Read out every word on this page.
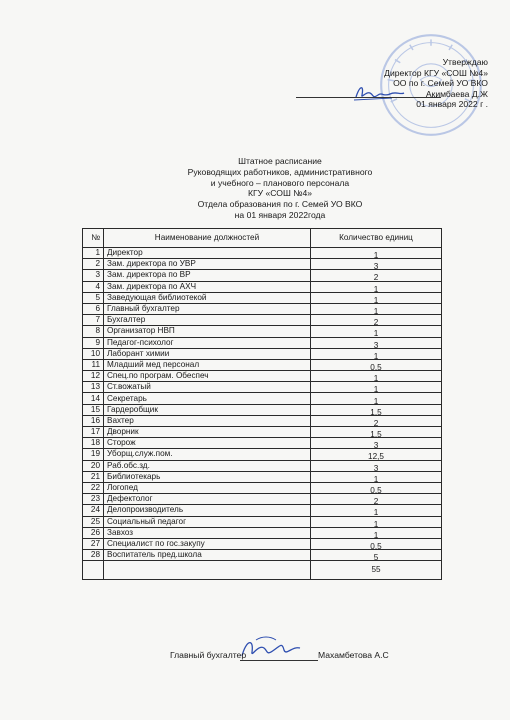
Утверждаю
Директор КГУ «СОШ №4»
ОО по г. Семей УО ВКО
Акимбаева Д.Ж
01 января 2022 г .
Штатное расписание
Руководящих работников, административного
и учебного – планового персонала
КГУ «СОШ №4»
Отдела образования по г. Семей УО ВКО
на 01 января 2022года
№	Наименование должностей	Количество единиц
1	Директор	1
2	Зам. директора по УВР	3
3	Зам. директора по ВР	2
4	Зам. директора по АХЧ	1
5	Заведующая библиотекой	1
6	Главный бухгалтер	1
7	Бухгалтер	2
8	Организатор НВП	1
9	Педагог-психолог	3
10	Лаборант химии	1
11	Младший мед персонал	0,5
12	Спец.по програм. Обеспеч	1
13	Ст.вожатый	1
14	Секретарь	1
15	Гардеробщик	1,5
16	Вахтер	2
17	Дворник	1,5
18	Сторож	3
19	Уборщ.служ.пом.	12,5
20	Раб.обс.зд.	3
21	Библиотекарь	1
22	Логопед	0,5
23	Дефектолог	2
24	Делопроизводитель	1
25	Социальный педагог	1
26	Завхоз	1
27	Специалист по гос.закупу	0,5
28	Воспитатель пред.школа	5
		55
Главный бухгалтер	Махамбетова А.С
